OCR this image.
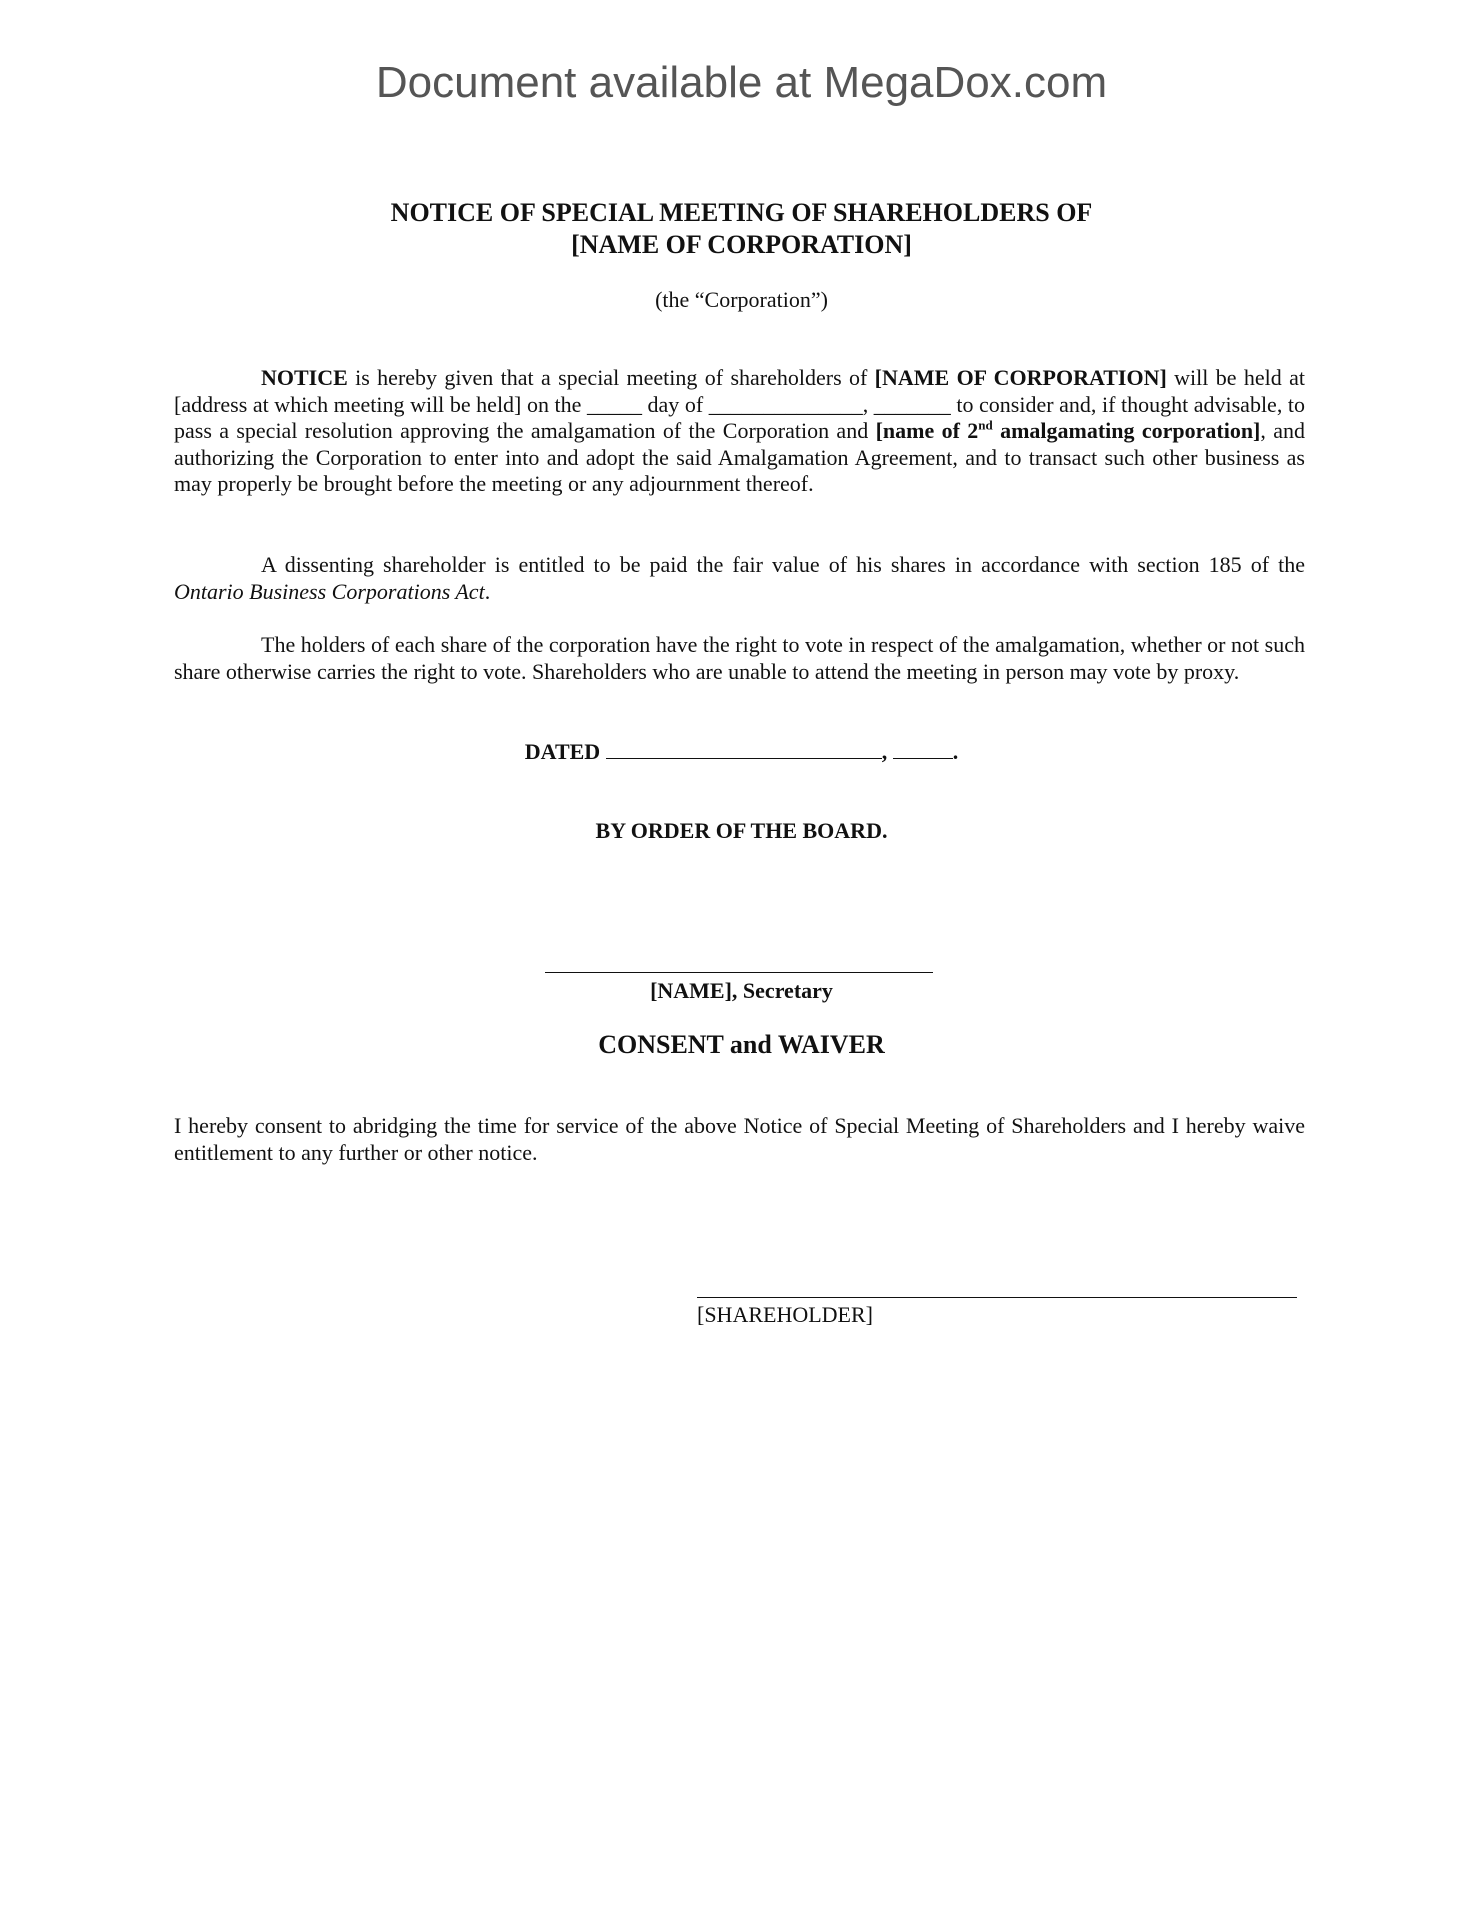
Document available at MegaDox.com
NOTICE OF SPECIAL MEETING OF SHAREHOLDERS OF
[NAME OF CORPORATION]
(the “Corporation”)

NOTICE is hereby given that a special meeting of shareholders of [NAME OF CORPORATION] will be held at [address at which meeting will be held] on the _____ day of ______________, _______ to consider and, if thought advisable, to pass a special resolution approving the amalgamation of the Corporation and [name of 2nd amalgamating corporation], and authorizing the Corporation to enter into and adopt the said Amalgamation Agreement, and to transact such other business as may properly be brought before the meeting or any adjournment thereof.

A dissenting shareholder is entitled to be paid the fair value of his shares in accordance with section 185 of the Ontario Business Corporations Act.

The holders of each share of the corporation have the right to vote in respect of the amalgamation, whether or not such share otherwise carries the right to vote. Shareholders who are unable to attend the meeting in person may vote by proxy.

DATED	,	.
BY ORDER OF THE BOARD.
[NAME], Secretary
CONSENT and WAIVER

I hereby consent to abridging the time for service of the above Notice of Special Meeting of Shareholders and I hereby waive entitlement to any further or other notice.

[SHAREHOLDER]
